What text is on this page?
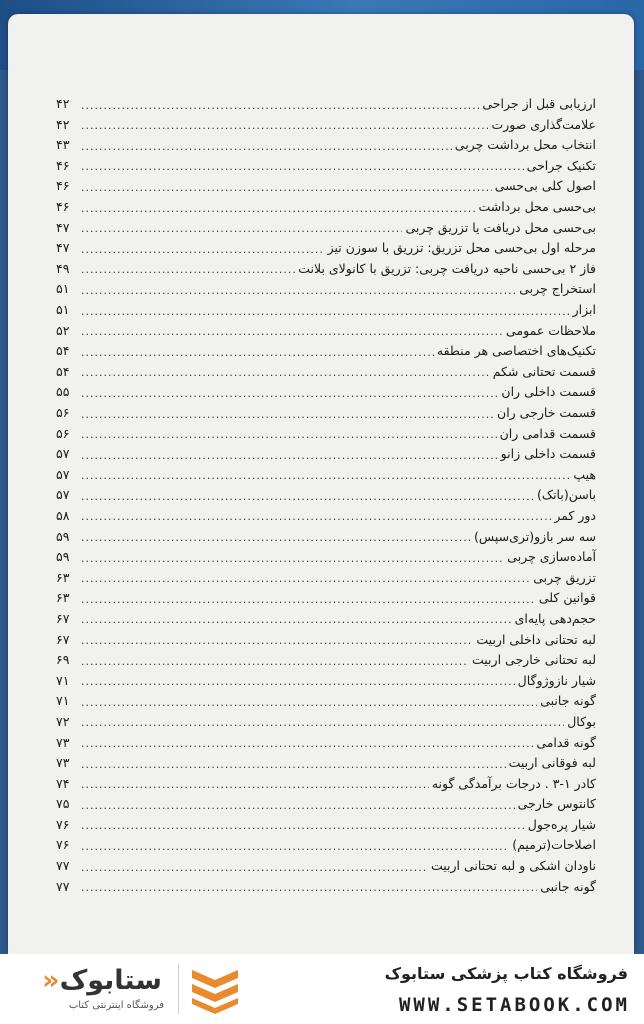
ارزیابی قبل از جراحی
.....
۴۲
علامت‌گذاری صورت
.....
۴۲
انتخاب محل برداشت چربی
.....
۴۳
تکنیک جراحی
.....
۴۶
اصول کلی بی‌حسی
.....
۴۶
بی‌حسی محل برداشت
.....
۴۶
بی‌حسی محل دریافت یا تزریق چربی
.....
۴۷
مرحله اول بی‌حسی محل تزریق: تزریق با سوزن تیز
.....
۴۷
فاز ۲ بی‌حسی ناحیه دریافت چربی: تزریق با کانولای بلانت
.....
۴۹
استخراج چربی
.....
۵۱
ابزار
.....
۵۱
ملاحظات عمومی
.....
۵۲
تکنیک‌های اختصاصی هر منطقه
.....
۵۴
قسمت تحتانی شکم
.....
۵۴
قسمت داخلی ران
.....
۵۵
قسمت خارجی ران
.....
۵۶
قسمت قدامی ران
.....
۵۶
قسمت داخلی زانو
.....
۵۷
هیپ
.....
۵۷
باسن(باتک)
.....
۵۷
دور کمر
.....
۵۸
سه سر بازو(تری‌سپس)
.....
۵۹
آماده‌سازی چربی
.....
۵۹
تزریق چربی
.....
۶۳
قوانین کلی
.....
۶۳
حجم‌دهی پایه‌ای
.....
۶۷
لبه تحتانی داخلی اربیت
.....
۶۷
لبه تحتانی خارجی اربیت
.....
۶۹
شیار نازوژوگال
.....
۷۱
گونه جانبی
.....
۷۱
بوکال
.....
۷۲
گونه قدامی
.....
۷۳
لبه فوقانی اربیت
.....
۷۳
کادر ۱-۳ . درجات برآمدگی گونه
.....
۷۴
کانتوس خارجی
.....
۷۵
شیار پره‌جول
.....
۷۶
اصلاحات(ترمیم)
.....
۷۶
ناودان اشکی و لبه تحتانی اربیت
.....
۷۷
گونه جانبی
.....
۷۷
» ستابوک
فروشگاه اینترنتی کتاب
فروشگاه کتاب پزشکی ستابوک
WWW.SETABOOK.COM
